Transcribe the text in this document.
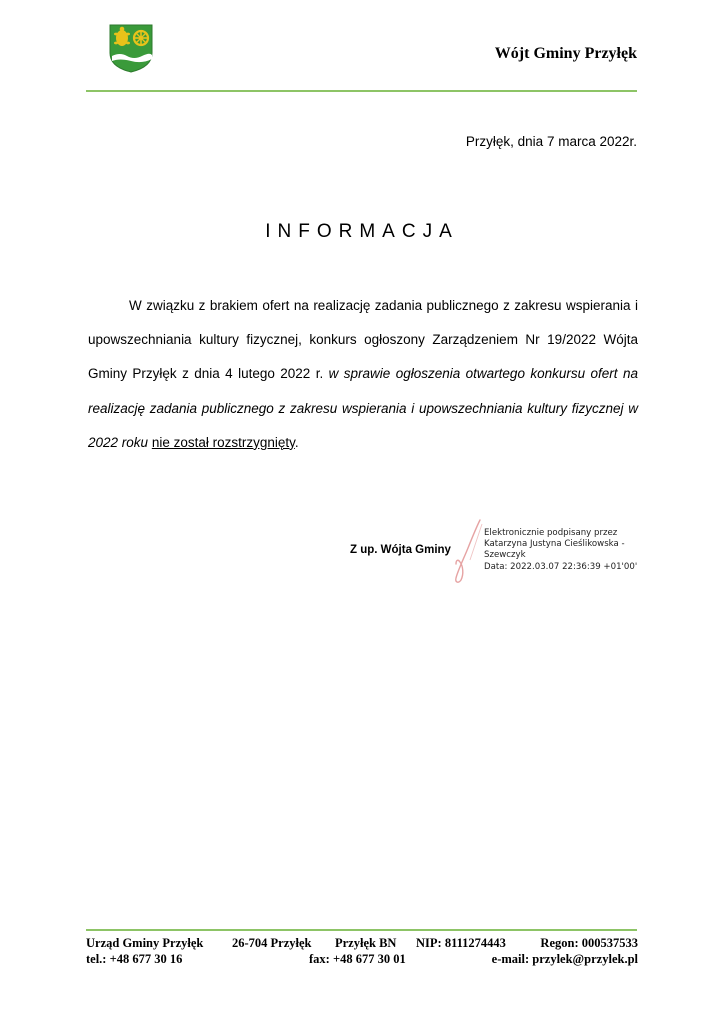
Wójt Gminy Przyłęk
Przyłęk, dnia 7 marca 2022r.
INFORMACJA
W związku z brakiem ofert na realizację zadania publicznego z zakresu wspierania i upowszechniania kultury fizycznej, konkurs ogłoszony Zarządzeniem Nr 19/2022 Wójta Gminy Przyłęk z dnia 4 lutego 2022 r. w sprawie ogłoszenia otwartego konkursu ofert na realizację zadania publicznego z zakresu wspierania i upowszechniania kultury fizycznej w 2022 roku nie został rozstrzygnięty.
Z up. Wójta Gminy
Elektronicznie podpisany przez
Katarzyna Justyna Cieślikowska -
Szewczyk
Data: 2022.03.07 22:36:39 +01'00'
Urząd Gminy Przyłęk 26-704 Przyłęk Przyłęk BN NIP: 8111274443	Regon: 000537533
tel.: +48 677 30 16	fax: +48 677 30 01	e-mail: przylek@przylek.pl
